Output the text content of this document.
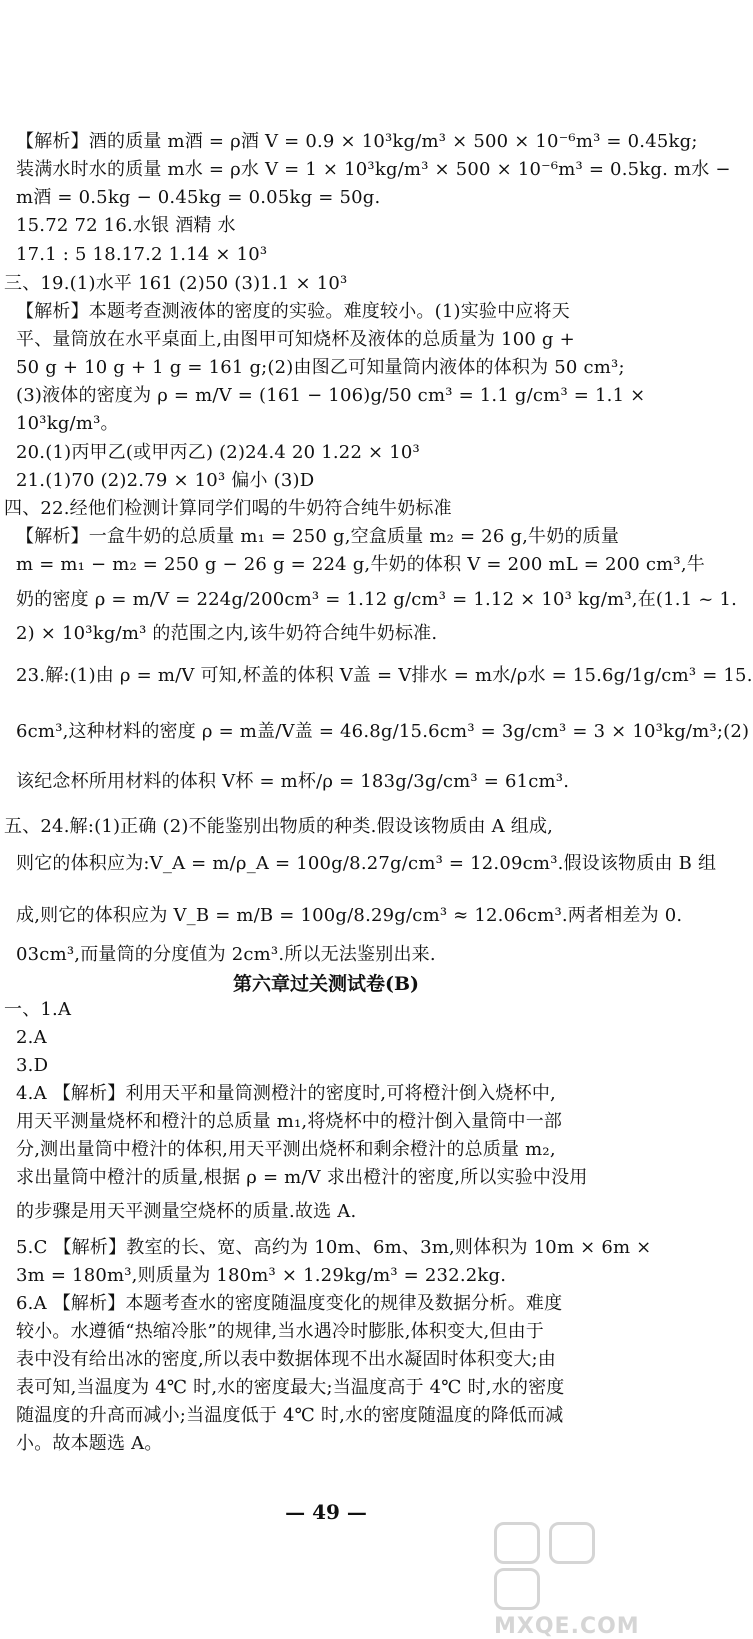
【解析】酒的质量 m酒 = ρ酒 V = 0.9 × 10³kg/m³ × 500 × 10⁻⁶m³ = 0.45kg;
装满水时水的质量 m水 = ρ水 V = 1 × 10³kg/m³ × 500 × 10⁻⁶m³ = 0.5kg. m水 −
m酒 = 0.5kg − 0.45kg = 0.05kg = 50g.
15.72 72 16.水银 酒精 水
17.1 : 5 18.17.2 1.14 × 10³
三、19.(1)水平 161 (2)50 (3)1.1 × 10³
【解析】本题考查测液体的密度的实验。难度较小。(1)实验中应将天
平、量筒放在水平桌面上,由图甲可知烧杯及液体的总质量为 100 g +
50 g + 10 g + 1 g = 161 g;(2)由图乙可知量筒内液体的体积为 50 cm³;
(3)液体的密度为 ρ = m/V = (161 − 106)g/50 cm³ = 1.1 g/cm³ = 1.1 ×
10³kg/m³。
20.(1)丙甲乙(或甲丙乙) (2)24.4 20 1.22 × 10³
21.(1)70 (2)2.79 × 10³ 偏小 (3)D
四、22.经他们检测计算同学们喝的牛奶符合纯牛奶标准
【解析】一盒牛奶的总质量 m₁ = 250 g,空盒质量 m₂ = 26 g,牛奶的质量
m = m₁ − m₂ = 250 g − 26 g = 224 g,牛奶的体积 V = 200 mL = 200 cm³,牛
奶的密度 ρ = m/V = 224g/200cm³ = 1.12 g/cm³ = 1.12 × 10³ kg/m³,在(1.1 ~ 1.
2) × 10³kg/m³ 的范围之内,该牛奶符合纯牛奶标准.
23.解:(1)由 ρ = m/V 可知,杯盖的体积 V盖 = V排水 = m水/ρ水 = 15.6g/1g/cm³ = 15.
6cm³,这种材料的密度 ρ = m盖/V盖 = 46.8g/15.6cm³ = 3g/cm³ = 3 × 10³kg/m³;(2)
该纪念杯所用材料的体积 V杯 = m杯/ρ = 183g/3g/cm³ = 61cm³.
五、24.解:(1)正确 (2)不能鉴别出物质的种类.假设该物质由 A 组成,
则它的体积应为:V_A = m/ρ_A = 100g/8.27g/cm³ = 12.09cm³.假设该物质由 B 组
成,则它的体积应为 V_B = m/B = 100g/8.29g/cm³ ≈ 12.06cm³.两者相差为 0.
03cm³,而量筒的分度值为 2cm³.所以无法鉴别出来.
第六章过关测试卷(B)
一、1.A
2.A
3.D
4.A 【解析】利用天平和量筒测橙汁的密度时,可将橙汁倒入烧杯中,
用天平测量烧杯和橙汁的总质量 m₁,将烧杯中的橙汁倒入量筒中一部
分,测出量筒中橙汁的体积,用天平测出烧杯和剩余橙汁的总质量 m₂,
求出量筒中橙汁的质量,根据 ρ = m/V 求出橙汁的密度,所以实验中没用
的步骤是用天平测量空烧杯的质量.故选 A.
5.C 【解析】教室的长、宽、高约为 10m、6m、3m,则体积为 10m × 6m ×
3m = 180m³,则质量为 180m³ × 1.29kg/m³ = 232.2kg.
6.A 【解析】本题考查水的密度随温度变化的规律及数据分析。难度
较小。水遵循“热缩冷胀”的规律,当水遇冷时膨胀,体积变大,但由于
表中没有给出冰的密度,所以表中数据体现不出水凝固时体积变大;由
表可知,当温度为 4℃ 时,水的密度最大;当温度高于 4℃ 时,水的密度
随温度的升高而减小;当温度低于 4℃ 时,水的密度随温度的降低而减
小。故本题选 A。
— 49 —

MXQE.COM
